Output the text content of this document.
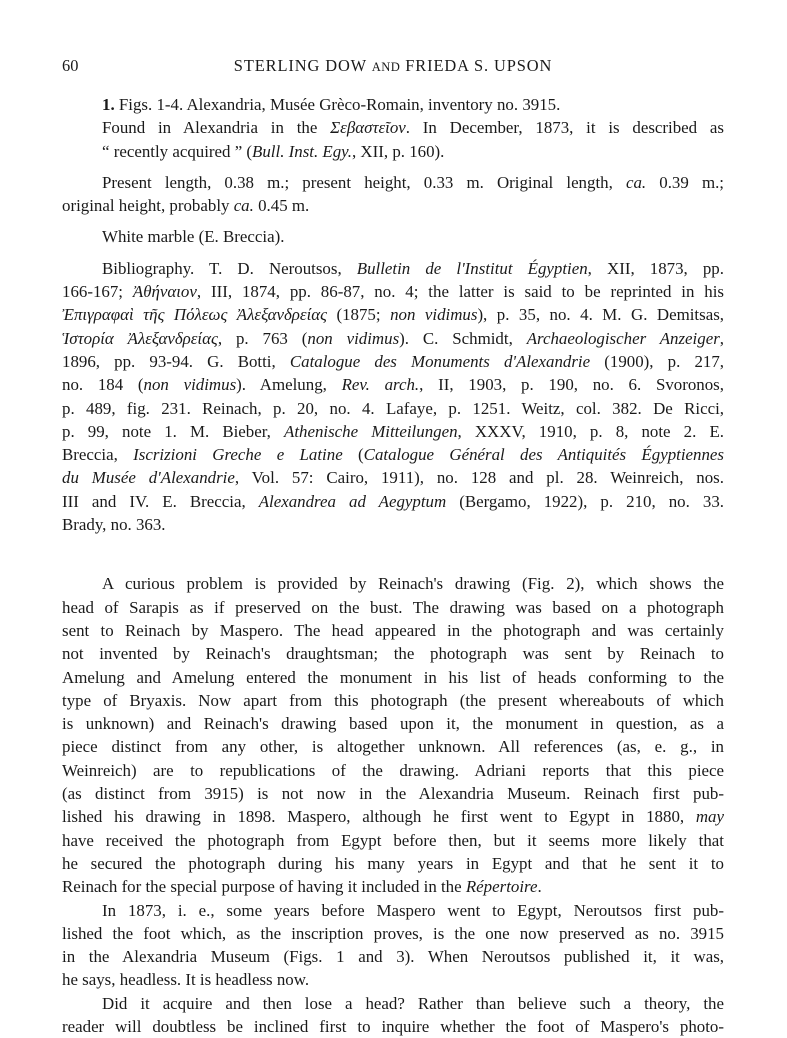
60	STERLING DOW AND FRIEDA S. UPSON

1. Figs. 1-4. Alexandria, Musée Grèco-Romain, inventory no. 3915.

Found in Alexandria in the Σεβαστεῖον. In December, 1873, it is described as
“ recently acquired ” (Bull. Inst. Egy., XII, p. 160).

Present length, 0.38 m.; present height, 0.33 m. Original length, ca. 0.39 m.;

original height, probably ca. 0.45 m.

White marble (E. Breccia).

Bibliography. T. D. Neroutsos, Bulletin de l'Institut Égyptien, XII, 1873, pp.

166-167; Ἀθήναιον, III, 1874, pp. 86-87, no. 4; the latter is said to be reprinted in his
Ἐπιγραφαὶ τῆς Πόλεως Ἀλεξανδρείας (1875; non vidimus), p. 35, no. 4. M. G. Demitsas,
Ἱστορία Ἀλεξανδρείας, p. 763 (non vidimus). C. Schmidt, Archaeologischer Anzeiger,
1896, pp. 93-94. G. Botti, Catalogue des Monuments d'Alexandrie (1900), p. 217,
no. 184 (non vidimus). Amelung, Rev. arch., II, 1903, p. 190, no. 6. Svoronos,
p. 489, fig. 231. Reinach, p. 20, no. 4. Lafaye, p. 1251. Weitz, col. 382. De Ricci,
p. 99, note 1. M. Bieber, Athenische Mitteilungen, XXXV, 1910, p. 8, note 2. E.
Breccia, Iscrizioni Greche e Latine (Catalogue Général des Antiquités Égyptiennes
du Musée d'Alexandrie, Vol. 57: Cairo, 1911), no. 128 and pl. 28. Weinreich, nos.
III and IV. E. Breccia, Alexandrea ad Aegyptum (Bergamo, 1922), p. 210, no. 33.
Brady, no. 363.

A curious problem is provided by Reinach's drawing (Fig. 2), which shows the

head of Sarapis as if preserved on the bust. The drawing was based on a photograph
sent to Reinach by Maspero. The head appeared in the photograph and was certainly
not invented by Reinach's draughtsman; the photograph was sent by Reinach to
Amelung and Amelung entered the monument in his list of heads conforming to the
type of Bryaxis. Now apart from this photograph (the present whereabouts of which
is unknown) and Reinach's drawing based upon it, the monument in question, as a
piece distinct from any other, is altogether unknown. All references (as, e. g., in
Weinreich) are to republications of the drawing. Adriani reports that this piece
(as distinct from 3915) is not now in the Alexandria Museum. Reinach first pub-
lished his drawing in 1898. Maspero, although he first went to Egypt in 1880, may
have received the photograph from Egypt before then, but it seems more likely that
he secured the photograph during his many years in Egypt and that he sent it to
Reinach for the special purpose of having it included in the Répertoire.

In 1873, i. e., some years before Maspero went to Egypt, Neroutsos first pub-

lished the foot which, as the inscription proves, is the one now preserved as no. 3915
in the Alexandria Museum (Figs. 1 and 3). When Neroutsos published it, it was,
he says, headless. It is headless now.

Did it acquire and then lose a head? Rather than believe such a theory, the

reader will doubtless be inclined first to inquire whether the foot of Maspero's photo-
